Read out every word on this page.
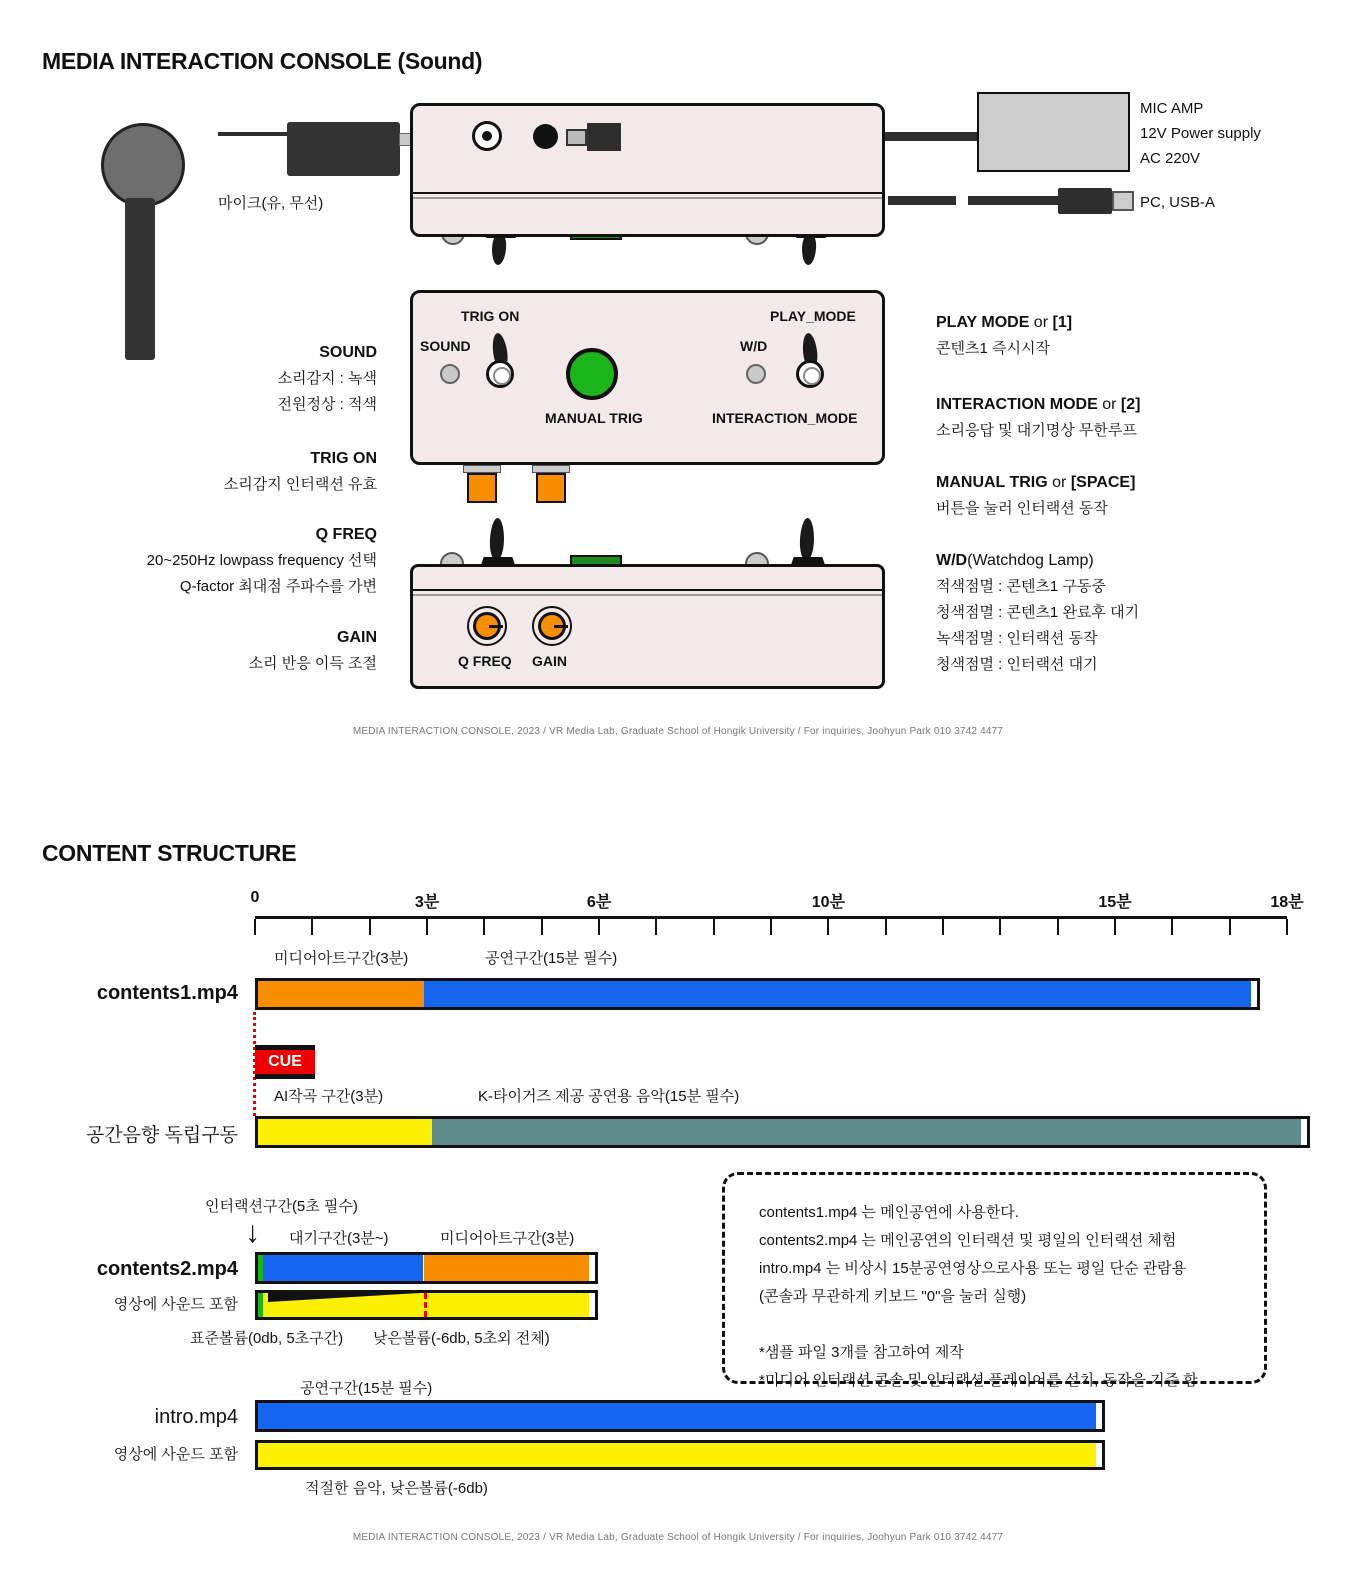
MEDIA INTERACTION CONSOLE (Sound)
마이크(유, 무선)
MIC AMP
12V Power supply
AC 220V
PC, USB-A
TRIG ON
SOUND
MANUAL TRIG
PLAY_MODE
W/D
INTERACTION_MODE
Q FREQ GAIN
SOUND
소리감지 : 녹색
전원정상 : 적색
TRIG ON
소리감지 인터랙션 유효
Q FREQ
20~250Hz lowpass frequency 선택
Q-factor 최대점 주파수를 가변
GAIN
소리 반응 이득 조절
PLAY MODE or [1]
콘텐츠1 즉시시작
INTERACTION MODE or [2]
소리응답 및 대기명상 무한루프
MANUAL TRIG or [SPACE]
버튼을 눌러 인터랙션 동작
W/D(Watchdog Lamp)
적색점멸 : 콘텐츠1 구동중
청색점멸 : 콘텐츠1 완료후 대기
녹색점멸 : 인터랙션 동작
청색점멸 : 인터랙션 대기
MEDIA INTERACTION CONSOLE, 2023 / VR Media Lab, Graduate School of Hongik University / For inquiries, Joohyun Park 010 3742 4477
CONTENT STRUCTURE
0	3분	6분	10분	15분	18분
미디어아트구간(3분)	공연구간(15분 필수)
contents1.mp4
CUE
AI작곡 구간(3분)	K-타이거즈 제공 공연용 음악(15분 필수)
공간음향 독립구동
인터랙션구간(5초 필수)
↓ 대기구간(3분~)	미디어아트구간(3분)
contents2.mp4
영상에 사운드 포함
표준볼륨(0db, 5초구간) 낮은볼륨(-6db, 5초외 전체)
contents1.mp4 는 메인공연에 사용한다.
contents2.mp4 는 메인공연의 인터랙션 및 평일의 인터랙션 체험
intro.mp4 는 비상시 15분공연영상으로사용 또는 평일 단순 관람용
(콘솔과 무관하게 키보드 "0"을 눌러 실행)
*샘플 파일 3개를 참고하여 제작
*미디어 인터랙션 콘솔 및 인터랙션 플레이어를 설치, 동작을 기준 함
공연구간(15분 필수)
intro.mp4
영상에 사운드 포함
적절한 음악, 낮은볼륨(-6db)
MEDIA INTERACTION CONSOLE, 2023 / VR Media Lab, Graduate School of Hongik University / For inquiries, Joohyun Park 010 3742 4477
